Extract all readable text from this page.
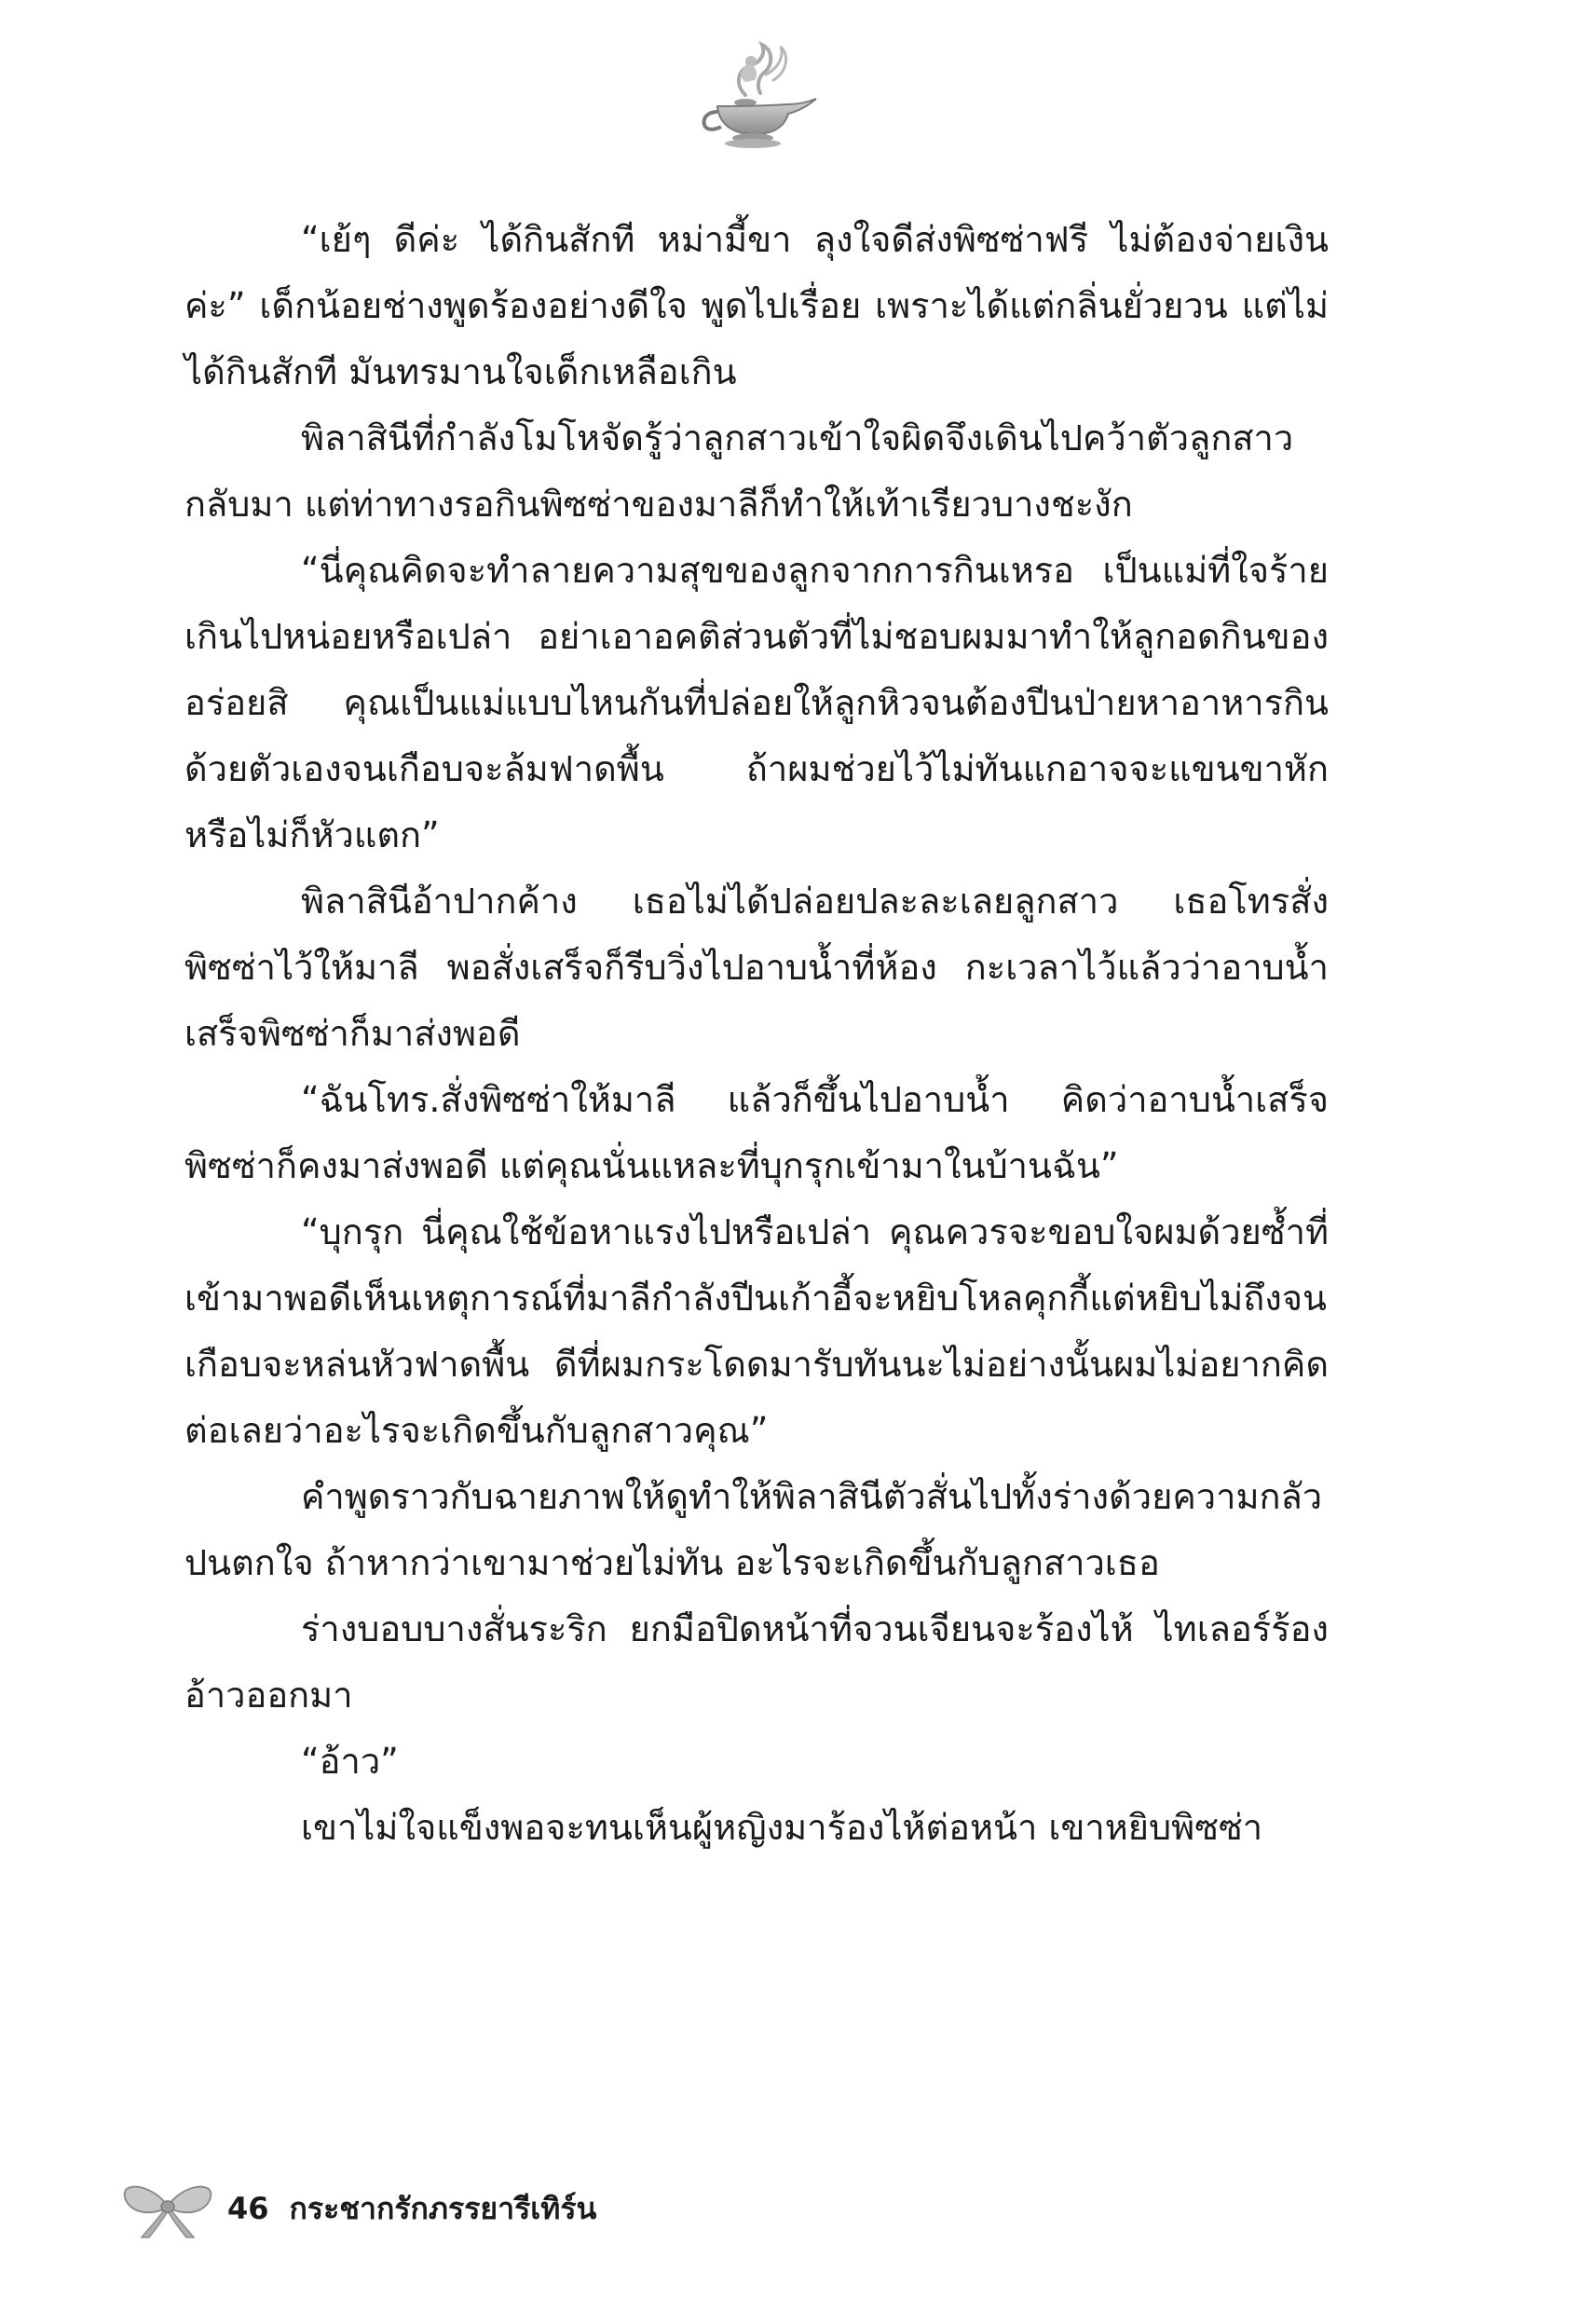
“เย้ๆ ดีค่ะ ได้กินสักที หม่ามี้ขา ลุงใจดีส่งพิซซ่าฟรี ไม่ต้องจ่ายเงินค่ะ” เด็กน้อยช่างพูดร้องอย่างดีใจ พูดไปเรื่อย เพราะได้แต่กลิ่นยั่วยวน แต่ไม่ได้กินสักที มันทรมานใจเด็กเหลือเกิน

พิลาสินีที่กำลังโมโหจัดรู้ว่าลูกสาวเข้าใจผิดจึงเดินไปคว้าตัวลูกสาวกลับมา แต่ท่าทางรอกินพิซซ่าของมาลีก็ทำให้เท้าเรียวบางชะงัก

“นี่คุณคิดจะทำลายความสุขของลูกจากการกินเหรอ เป็นแม่ที่ใจร้ายเกินไปหน่อยหรือเปล่า อย่าเอาอคติส่วนตัวที่ไม่ชอบผมมาทำให้ลูกอดกินของอร่อยสิ คุณเป็นแม่แบบไหนกันที่ปล่อยให้ลูกหิวจนต้องปีนป่ายหาอาหารกินด้วยตัวเองจนเกือบจะล้มฟาดพื้น ถ้าผมช่วยไว้ไม่ทันแกอาจจะแขนขาหัก หรือไม่ก็หัวแตก”

พิลาสินีอ้าปากค้าง เธอไม่ได้ปล่อยปละละเลยลูกสาว เธอโทรสั่งพิซซ่าไว้ให้มาลี พอสั่งเสร็จก็รีบวิ่งไปอาบน้ำที่ห้อง กะเวลาไว้แล้วว่าอาบน้ำเสร็จพิซซ่าก็มาส่งพอดี

“ฉันโทร.สั่งพิซซ่าให้มาลี แล้วก็ขึ้นไปอาบน้ำ คิดว่าอาบน้ำเสร็จพิซซ่าก็คงมาส่งพอดี แต่คุณนั่นแหละที่บุกรุกเข้ามาในบ้านฉัน”

“บุกรุก นี่คุณใช้ข้อหาแรงไปหรือเปล่า คุณควรจะขอบใจผมด้วยซ้ำที่เข้ามาพอดีเห็นเหตุการณ์ที่มาลีกำลังปีนเก้าอี้จะหยิบโหลคุกกี้แต่หยิบไม่ถึงจนเกือบจะหล่นหัวฟาดพื้น ดีที่ผมกระโดดมารับทันนะไม่อย่างนั้นผมไม่อยากคิดต่อเลยว่าอะไรจะเกิดขึ้นกับลูกสาวคุณ”

คำพูดราวกับฉายภาพให้ดูทำให้พิลาสินีตัวสั่นไปทั้งร่างด้วยความกลัวปนตกใจ ถ้าหากว่าเขามาช่วยไม่ทัน อะไรจะเกิดขึ้นกับลูกสาวเธอ

ร่างบอบบางสั่นระริก ยกมือปิดหน้าที่จวนเจียนจะร้องไห้ ไทเลอร์ร้องอ้าวออกมา

“อ้าว”

เขาไม่ใจแข็งพอจะทนเห็นผู้หญิงมาร้องไห้ต่อหน้า เขาหยิบพิซซ่า

46 กระชากรักภรรยารีเทิร์น
